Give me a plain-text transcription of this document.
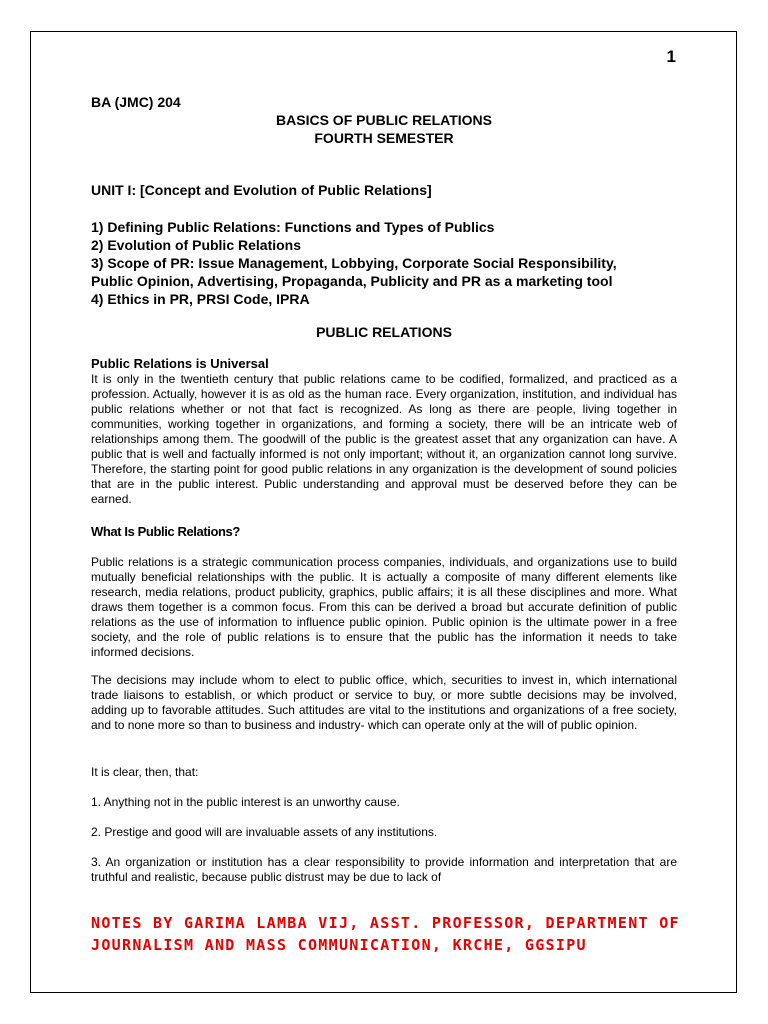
1
BA (JMC) 204
BASICS OF PUBLIC RELATIONS
FOURTH SEMESTER
UNIT I: [Concept and Evolution of Public Relations]
1) Defining Public Relations: Functions and Types of Publics
2) Evolution of Public Relations
3) Scope of PR: Issue Management, Lobbying, Corporate Social Responsibility,
Public Opinion, Advertising, Propaganda, Publicity and PR as a marketing tool
4) Ethics in PR, PRSI Code, IPRA
PUBLIC RELATIONS
Public Relations is Universal

It is only in the twentieth century that public relations came to be codified, formalized, and practiced as a profession. Actually, however it is as old as the human race. Every organization, institution, and individual has public relations whether or not that fact is recognized. As long as there are people, living together in communities, working together in organizations, and forming a society, there will be an intricate web of relationships among them. The goodwill of the public is the greatest asset that any organization can have. A public that is well and factually informed is not only important; without it, an organization cannot long survive. Therefore, the starting point for good public relations in any organization is the development of sound policies that are in the public interest. Public understanding and approval must be deserved before they can be earned.

What Is Public Relations?

Public relations is a strategic communication process companies, individuals, and organizations use to build mutually beneficial relationships with the public. It is actually a composite of many different elements like research, media relations, product publicity, graphics, public affairs; it is all these disciplines and more. What draws them together is a common focus. From this can be derived a broad but accurate definition of public relations as the use of information to influence public opinion. Public opinion is the ultimate power in a free society, and the role of public relations is to ensure that the public has the information it needs to take informed decisions.

The decisions may include whom to elect to public office, which, securities to invest in, which international trade liaisons to establish, or which product or service to buy, or more subtle decisions may be involved, adding up to favorable attitudes. Such attitudes are vital to the institutions and organizations of a free society, and to none more so than to business and industry- which can operate only at the will of public opinion.

It is clear, then, that:
1. Anything not in the public interest is an unworthy cause.
2. Prestige and good will are invaluable assets of any institutions.

3. An organization or institution has a clear responsibility to provide information and interpretation that are truthful and realistic, because public distrust may be due to lack of

NOTES BY GARIMA LAMBA VIJ, ASST. PROFESSOR, DEPARTMENT OF
JOURNALISM AND MASS COMMUNICATION, KRCHE, GGSIPU
